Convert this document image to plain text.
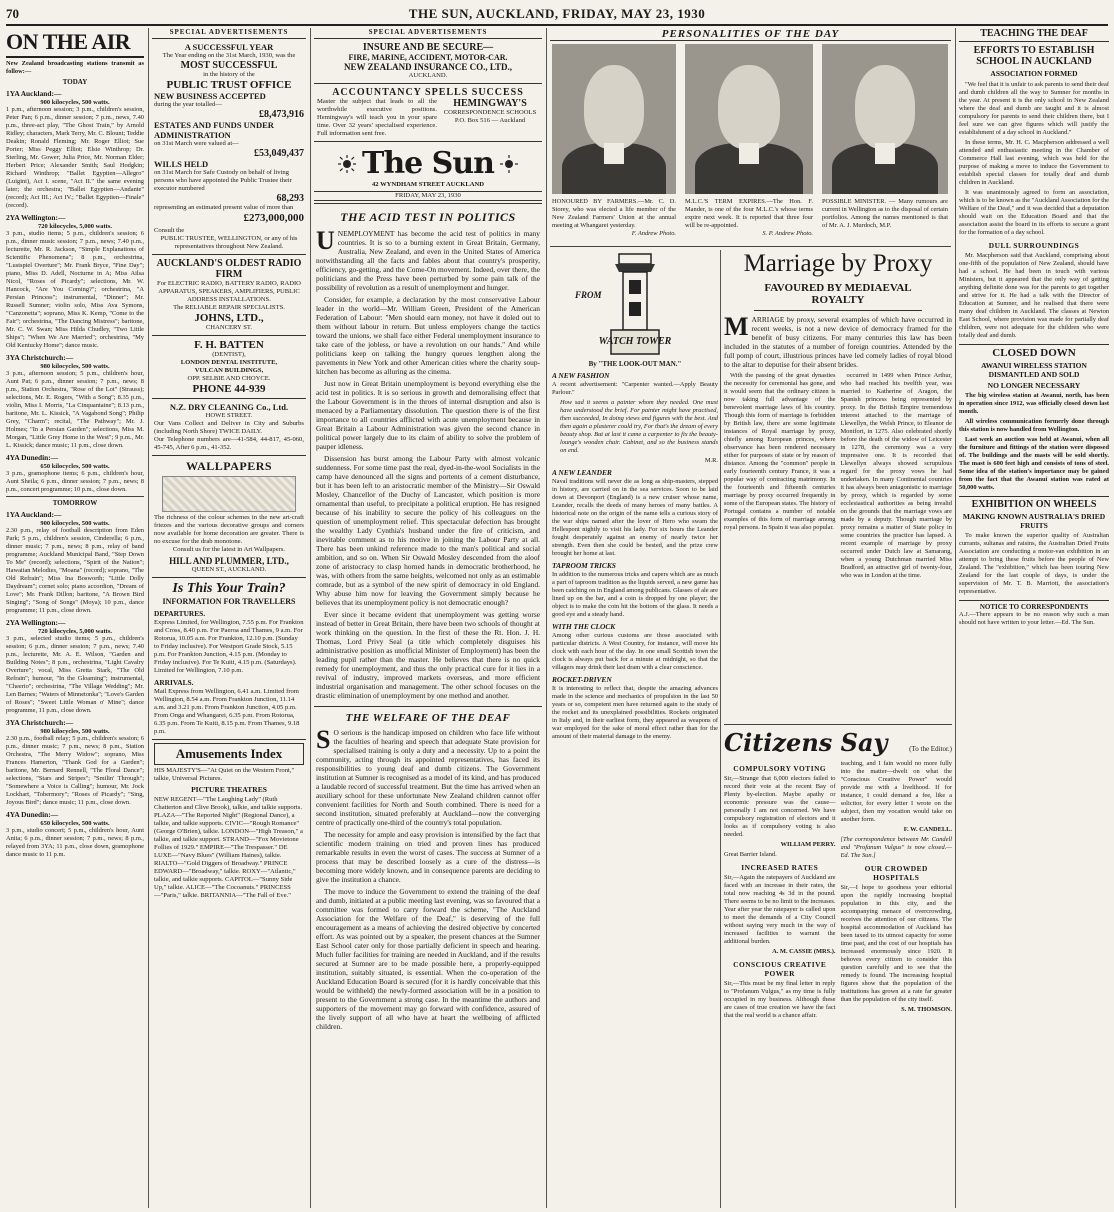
70	THE SUN, AUCKLAND, FRIDAY, MAY 23, 1930
ON THE AIR

New Zealand broadcasting stations transmit as follow:—

TODAY
1YA Auckland:—
900 kilocycles, 500 watts.

1 p.m., afternoon session; 3 p.m., children's session, Peter Pan; 6 p.m., dinner session; 7 p.m., news, 7.40 p.m., three-act play, "The Ghost Train," by Arnold Ridley; characters, Mark Terry, Mr. C. Blount; Teddie Deakin; Ronald Fleming; Mr. Roger Elliot; Sue Porter; Miss Peggy Elliot; Elsie Winthrop; Dr. Sterling, Mr. Gower; Julia Price, Mr. Norman Elder; Herbert Price; Alexander Smith; Saul Hodgkin; Richard Winthrop; "Ballet Egyptien—Allegro" (Luigini), Act I. scene, "Act II." the same evening later; the orchestra; "Ballet Egyptien—Andante" (record); Act III.; Act IV.; "Ballet Egyptien—Finale" (record).

2YA Wellington:—
720 kilocycles, 5,000 watts.

3 p.m., studio items; 5 p.m., children's session; 6 p.m., dinner music session; 7 p.m., news; 7.40 p.m., lecturette, Mr. R. Jackson, "Simple Explanations of Scientific Phenomena"; 8 p.m., orchestrina, "Lustspiel Overture"; Mr. Frank Bryce, "Fine Day"; piano, Miss D. Adell, Nocturne in A; Miss Ailsa Nicol, "Roses of Picardy"; selections, Mr. W. Hancock, "Are You Coming?"; orchestrina, "A Persian Princess"; instrumental, "Dinner"; Mr. Russell Sumner; violin solo, Miss Ava Symons, "Canzonetta"; soprano, Miss K. Kemp, "Come to the Fair"; orchestrina, "The Dancing Mistress"; baritone, Mr. C. W. Swan; Miss Hilda Chudley, "Two Little Ships"; "When We Are Married"; orchestrina, "My Old Kentucky Home"; dance music.

3YA Christchurch:—
980 kilocycles, 500 watts.

3 p.m., afternoon session; 5 p.m., children's hour, Aunt Pat; 6 p.m., dinner session; 7 p.m., news; 8 p.m., Station Orchestra, "Rose of the Lot" (Strauss); selections, Mr. E. Rogers, "With a Song"; 8.35 p.m., violin, Miss I. Morris, "La Cinquantaine"; 8.13 p.m., baritone, Mr. L. Kissick, "A Vagabond Song"; Philip Grey, "Charm"; recital, "The Pathway"; Mr. J. Holmes; "In a Persian Garden"; selections, Miss M. Morgan, "Little Grey Home in the West"; 9 p.m., Mr. L. Kissick; dance music; 11 p.m., close down.

4YA Dunedin:—
650 kilocycles, 500 watts.

3 p.m., gramophone items; 6 p.m., children's hour, Aunt Sheila; 6 p.m., dinner session; 7 p.m., news; 8 p.m., concert programme; 10 p.m., close down.

TOMORROW
1YA Auckland:—
900 kilocycles, 500 watts.

2.30 p.m., relay of football description from Eden Park; 5 p.m., children's session, Cinderella; 6 p.m., dinner music; 7 p.m., news; 8 p.m., relay of band programme; Auckland Municipal Band, "Step Down To Me" (record); selections, "Spirit of the Nation"; Hawaiian Melodies, "Moana" (record); soprano, "The Old Refrain"; Miss Ina Bosworth; "Little Dolly Daydream"; cornet solo; piano accordion, "Dream of Love"; Mr. Frank Dillon; baritone, "A Brown Bird Singing"; "Song of Songs" (Moya); 10 p.m., dance programme; 11 p.m., close down.

2YA Wellington:—
720 kilocycles, 5,000 watts.

3 p.m., selected studio items; 5 p.m., children's session; 6 p.m., dinner session; 7 p.m., news; 7.40 p.m., lecturette, Mr. A. E. Wilson, "Garden and Building Notes"; 8 p.m., orchestrina, "Light Cavalry Overture"; vocal, Miss Gretta Stark, "The Old Refrain"; humour, "In the Gloaming"; instrumental, "Cheerio"; orchestrina, "The Village Wedding"; Mr. Len Barnes; "Waters of Minnetonka"; "Love's Garden of Roses"; "Sweet Little Woman o' Mine"; dance programme, 11 p.m., close down.

3YA Christchurch:—
980 kilocycles, 500 watts.

2.30 p.m., football relay; 5 p.m., children's session; 6 p.m., dinner music; 7 p.m., news; 8 p.m., Station Orchestra, "The Merry Widow"; soprano, Miss Frances Hamerton, "Thank God for a Garden"; baritone, Mr. Bernard Rennell, "The Floral Dance"; selections, "Stars and Stripes"; "Smilin' Through"; "Somewhere a Voice is Calling"; humour, Mr. Jock Lockhart, "Tobermory"; "Roses of Picardy"; "Sing, Joyous Bird"; dance music; 11 p.m., close down.

4YA Dunedin:—
650 kilocycles, 500 watts.

3 p.m., studio concert; 5 p.m., children's hour, Aunt Anita; 6 p.m., dinner session; 7 p.m., news; 8 p.m., relayed from 3YA; 11 p.m., close down, gramophone dance music to 11 p.m.

SPECIAL ADVERTISEMENTS
A SUCCESSFUL YEAR
The Year ending on the 31st March, 1930, was the
MOST SUCCESSFUL
in the history of the
PUBLIC TRUST OFFICE
NEW BUSINESS ACCEPTED
during the year totalled—
£8,473,916
ESTATES AND FUNDS UNDER ADMINISTRATION
on 31st March were valued at—
£53,049,437
WILLS HELD
on 31st March for Safe Custody on behalf of living persons who have appointed the Public Trustee their executor numbered
68,293
representing an estimated present value of more than
£273,000,000
Consult the
PUBLIC TRUSTEE, WELLINGTON, or any of his representatives throughout New Zealand.
AUCKLAND'S OLDEST RADIO FIRM
For ELECTRIC RADIO, BATTERY RADIO, RADIO APPARATUS, SPEAKERS, AMPLIFIERS, PUBLIC ADDRESS INSTALLATIONS.
The RELIABLE REPAIR SPECIALISTS.
JOHNS, LTD.,
CHANCERY ST.
F. H. BATTEN
(DENTIST),
LONDON DENTAL INSTITUTE,
VULCAN BUILDINGS,
OPP. SELBIE AND CHOYCE.
PHONE 44-939
N.Z. DRY CLEANING Co., Ltd.
HOWE STREET.
Our Vans Collect and Deliver in City and Suburbs (including North Shore) TWICE DAILY.
Our Telephone numbers are—41-584, 44-817, 45-060, 45-745, After 6 p.m., 41-352.
WALLPAPERS
The richness of the colour schemes in the new art-craft friezes and the various decorative groups and corners now available for home decoration are greater. There is no excuse for the drab monotone.
Consult us for the latest in Art Wallpapers.
HILL AND PLUMMER, LTD.,
QUEEN ST., AUCKLAND.
Is This Your Train?
INFORMATION FOR TRAVELLERS
DEPARTURES.
Express Limited, for Wellington, 7.55 p.m. For Frankton and Cross, 8.40 p.m. For Paeroa and Thames, 9 a.m. For Rotorua, 10.05 a.m. For Frankton, 12.10 p.m. (Sunday to Friday inclusive). For Westport Grade Stock, 5.15 p.m. For Frankton Junction, 4.15 p.m. (Monday to Friday inclusive). For Te Kuiti, 4.15 p.m. (Saturdays). Limited for Wellington, 7.10 p.m.
ARRIVALS.
Mail Express from Wellington, 6.41 a.m. Limited from Wellington, 8.54 a.m. From Frankton Junction, 11.14 a.m. and 3.21 p.m. From Frankton Junction, 4.05 p.m. From Onga and Whangarei, 6.35 p.m. From Rotorua, 6.35 p.m. From Te Kuiti, 8.15 p.m. From Thames, 9.18 p.m.
Amusements Index
HIS MAJESTY'S—"At Quiet on the Western Front," talkie, Universal Pictures.
PICTURE THEATRES
NEW REGENT—"The Laughing Lady" (Ruth Chatterton and Clive Brook), talkie, and talkie supports. PLAZA—"The Reported Night" (Regional Dance), a talkie, and talkie supports. CIVIC—"Rough Romance" (George O'Brien), talkie. LONDON—"High Treason," a talkie, and talkie support. STRAND—"Fox Movietone Follies of 1929." EMPIRE—"The Trespasser." DE LUXE—"Navy Blues" (William Haines), talkie. RIALTO—"Gold Diggers of Broadway." PRINCE EDWARD—"Broadway," talkie. ROXY—"Atlantic," talkie, and talkie supports. CAPITOL—"Sunny Side Up," talkie. ALICE—"The Cocoanuts." PRINCESS—"Paris," talkie. BRITANNIA—"The Fall of Eve."
SPECIAL ADVERTISEMENTS
INSURE AND BE SECURE—
FIRE, MARINE, ACCIDENT, MOTOR-CAR.
NEW ZEALAND INSURANCE CO., LTD.,
AUCKLAND.
ACCOUNTANCY SPELLS SUCCESS
Master the subject that leads to all the worthwhile executive positions. Hemingway's will teach you in your spare time. Over 32 years' specialised experience. Full information sent free.
HEMINGWAY'S
CORRESPONDENCE SCHOOLS
P.O. Box 516 — Auckland
The Sun
42 WYNDHAM STREET AUCKLAND
FRIDAY, MAY 23, 1930
THE ACID TEST IN POLITICS

UNEMPLOYMENT has become the acid test of politics in many countries. It is so to a burning extent in Great Britain, Germany, Australia, New Zealand, and even in the United States of America notwithstanding all the facts and fables about that country's prosperity, efficiency, go-getting, and the Come-On movement. Indeed, over there, the politicians and the Press have been perturbed by some pain talk of the possibility of revolution as a result of unemployment and hunger.

Consider, for example, a declaration by the most conservative Labour leader in the world—Mr. William Green, President of the American Federation of Labour: "Men should earn money, not have it doled out to them without labour in return. But unless employers change the tactics toward the unions, we shall face either Federal unemployment insurance to take care of the jobless, or have a revolution on our hands." And while politicians keep on talking the hungry queues lengthen along the pavements in New York and other American cities where the charity soup-kitchen has become as alluring as the cinema.

Just now in Great Britain unemployment is beyond everything else the acid test in politics. It is so serious in growth and demoralising effect that the Labour Government is in the throes of internal disruption and also is menaced by a Parliamentary dissolution. The question there is of the first importance to all countries afflicted with acute unemployment because in Great Britain a Labour Administration was given the second chance in political power largely due to its claim of ability to solve the problem of pauper idleness.

Dissension has burst among the Labour Party with almost volcanic suddenness. For some time past the real, dyed-in-the-wool Socialists in the camp have denounced all the signs and portents of a cement disturbance, but it has been left to an aristocratic member of the Ministry—Sir Oswald Mosley, Chancellor of the Duchy of Lancaster, which position is more ornamental than useful, to precipitate a political eruption. He has resigned because of his inability to secure the policy of his colleagues on the question of unemployment relief. This spectacular defection has brought the wealthy Lady Cynthia's husband under the fire of criticism, and inevitable comment as to his motive in joining the Labour Party at all. There has been unkind reference made to the man's political and social ambition, and so on. When Sir Oswald Mosley descended from the aloof zone of aristocracy to clasp horned hands in democratic brotherhood, he was, with others from the same heights, welcomed not only as an estimable comrade, but as a symbol of the new spirit of democracy in old England. Why abuse him now for leaving the Government simply because he believes that its unemployment policy is not democratic enough?

Ever since it became evident that unemployment was getting worse instead of better in Great Britain, there have been two schools of thought at work thinking on the question. In the first of these the Rt. Hon. J. H. Thomas, Lord Privy Seal (a title which completely disguises his administrative position as unofficial Minister of Employment) has been the leading pupil rather than the master. He believes that there is no quick remedy for unemployment, and thus the only practical cure for it lies in a revival of industry, improved markets overseas, and more efficient industrial organisation and management. The other school focuses on the drastic elimination of unemployment by one method and another.

THE WELFARE OF THE DEAF

S O serious is the handicap imposed on children who face life without the faculties of hearing and speech that adequate State provision for specialised training is only a duty and a necessity. Up to a point the community, acting through its appointed representatives, has faced its responsibilities to young deaf and dumb citizens. The Government institution at Sumner is recognised as a model of its kind, and has produced a laudable record of successful treatment. But the time has arrived when an auxiliary school for these unfortunate New Zealand children cannot offer convenient facilities for North and South combined. There is need for a second institution, situated preferably at Auckland—now the converging centre of practically one-third of the country's total population.

The necessity for ample and easy provision is intensified by the fact that scientific modern training on tried and proven lines has produced remarkable results in even the worst of cases. The success at Sumner of a process that may be described loosely as a cure of the distress—is becoming more widely known, and in consequence parents are deciding to give the institution a chance.

The move to induce the Government to extend the training of the deaf and dumb, initiated at a public meeting last evening, was so favoured that a committee was formed to carry forward the scheme, "The Auckland Association for the Welfare of the Deaf," is deserving of the full encouragement as a means of achieving the desired objective by concerted effort. As was pointed out by a speaker, the present chances at the Sumner East School cater only for those partially deficient in speech and hearing. Much fuller facilities for training are needed in Auckland, and if the results secured at Sumner are to be made possible here, a properly-equipped institution, suitably situated, is essential. When the co-operation of the Auckland Education Board is secured (for it is hardly conceivable that this would be withheld) the newly-formed association will be in a position to present to the Government a strong case. In the meantime the authors and supporters of the movement may go forward with confidence, assured of the lively support of all who have at heart the wellbeing of afflicted children.

PERSONALITIES OF THE DAY
HONOURED BY FARMERS.—Mr. C. D. Storey, who was elected a life member of the New Zealand Farmers' Union at the annual meeting at Whangarei yesterday.
F. Andrew Photo.
M.L.C.'S TERM EXPIRES.—The Hon. F. Mander, is one of the four M.L.C.'s whose terms expire next week. It is reported that three four will be re-appointed.
S. P. Andrew Photo.
POSSIBLE MINISTER. — Many rumours are current in Wellington as to the disposal of certain portfolios. Among the names mentioned is that of Mr. A. J. Murdoch, M.P.
FROM
WATCH TOWER
By "THE LOOK-OUT MAN."
A NEW FASHION

A recent advertisement: "Carpenter wanted.—Apply Beauty Parlour."

How sad it seems a painter whom they needed. One must have understood the brief. For painter might have practised, then succeeded, In doing views and figures with the best. And then again a plasterer could try, For that's the dream of every beauty shop. But at last it came a carpenter to fix the beauty-lounge's wooden chair. Cabinet, and so the business stands on end.

M.R.
A NEW LEANDER

Naval traditions will never die as long as ship-masters, stepped in history, are carried on in the sea services. Soon to be laid down at Devonport (England) is a new cruiser whose name, Leander, recalls the deeds of many heroes of many battles. A historical note on the origin of the name tells a curious story of the war ships named after the lover of Hero who swam the Hellespont nightly to visit his lady. For six hours the Leander fought desperately against an enemy of nearly twice her strength. Even then she could be bested, and the prize crew brought her home at last.

TAPROOM TRICKS

In addition to the numerous tricks and capers which are as much a part of taproom tradition as the liquids served, a new game has been catching on in England among publicans. Glasses of ale are lined up on the bar, and a coin is dropped by one player; the object is to make the coin hit the bottom of the glass. It needs a good eye and a steady hand.

WITH THE CLOCK

Among other curious customs are those associated with particular districts. A West Country, for instance, will move his clock with each hour of the day. In one small Scottish town the clock is always put back for a minute at midnight, so that the villagers may drink their last dram with a clear conscience.

ROCKET-DRIVEN

It is interesting to reflect that, despite the amazing advances made in the science and mechanics of propulsion in the last 50 years or so, competent men have returned again to the study of the rocket and its unexplained possibilities. Rockets originated in Italy and, in their earliest form, they appeared as weapons of war employed for the sake of moral effect rather than for the amount of their material damage to the enemy.

Marriage by Proxy
FAVOURED BY MEDIAEVAL
ROYALTY

MARRIAGE by proxy, several examples of which have occurred in recent weeks, is not a new device of democracy framed for the benefit of busy citizens. For many centuries this law has been included in the statutes of a number of foreign countries. Attended by the full pomp of court, illustrious princes have led comely ladies of royal blood to the altar to deputise for their absent brides.

With the passing of the great dynasties the necessity for ceremonial has gone, and it would seem that the ordinary citizen is now taking full advantage of the benevolent marriage laws of his country. Though this form of marriage is forbidden by British law, there are some legitimate instances of Royal marriage by proxy, chiefly among European princes, where observance has been rendered necessary either for purposes of state or by reason of distance. Among the "common" people in early fourteenth century France, it was a popular way of contracting matrimony. In the fourteenth and fifteenth centuries marriage by proxy occurred frequently in some of the European states. The history of Portugal contains a number of notable examples of this form of marriage among royal persons. In Spain it was also popular.

occurred in 1499 when Prince Arthur, who had reached his twelfth year, was married to Katherine of Aragon, the Spanish princess being represented by proxy. In the British Empire tremendous interest attached to the marriage of Llewellyn, the Welsh Prince, to Eleanor de Montfort, in 1275. Also celebrated shortly before the death of the widow of Leicester in 1278, the ceremony was a very impressive one. It is recorded that Llewellyn always showed scrupulous regard for the proxy vows he had undertaken. In many Continental countries it has always been antagonistic to marriage by proxy, which is regarded by some ecclesiastical authorities as being invalid on the grounds that the marriage vows are made by a deputy. Though marriage by proxy remains a matter of State policy in some countries the practice has lapsed. A recent example of marriage by proxy occurred under Dutch law at Samarang, when a young Dutchman married Miss Bradford, an attractive girl of twenty-four, who was in London at the time.

Citizens Say	(To the Editor.)
COMPULSORY VOTING

Sir,—Strange that 6,000 electors failed to record their vote at the recent Bay of Plenty by-election. Maybe apathy or economic pressure was the cause—personally I am not concerned. We have compulsory registration of electors and it looks as if compulsory voting is also needed.

WILLIAM PERRY.
Great Barrier Island.
INCREASED RATES

Sir,—Again the ratepayers of Auckland are faced with an increase in their rates, the total now reaching 4s 3d in the pound. There seems to be no limit to the increases. Year after year the ratepayer is called upon to meet the demands of a City Council without saying very much in the way of increased facilities to warrant the additional burden.

A. M. CASSIE (MRS.).
CONSCIOUS CREATIVE POWER

Sir,—This must be my final letter in reply to "Profanum Vulgus," as my time is fully occupied in my business. Although these are cases of true creation we have the fact that the real world is a chance affair.

teaching, and I fain would no more fully into the matter—dwelt on what the "Conscious Creative Power" would provide me with a livelihood. If for instance, I could demand a fee, like a solicitor, for every letter I wrote on the subject, then my vocation would take on another form.

F. W. CANDELL.

[The correspondence between Mr. Candell and "Profanum Vulgus" is now closed.—Ed. The Sun.]

OUR CROWDED HOSPITALS

Sir,—I hope to goodness your editorial upon the rapidly increasing hospital population in this city, and the accompanying menace of overcrowding, receives the attention of our citizens. The hospital accommodation of Auckland has been taxed to its utmost capacity for some time past, and the cost of our hospitals has increased enormously since 1920. It behoves every citizen to consider this question carefully and to see that the remedy is found. The increasing hospital figures show that the population of the institutions has grown at a rate far greater than the population of the city itself.

S. M. THOMSON.
TEACHING THE DEAF
EFFORTS TO ESTABLISH SCHOOL IN AUCKLAND
ASSOCIATION FORMED

"We feel that it is unfair to ask parents to send their deaf and dumb children all the way to Sumner for months in the year. At present it is the only school in New Zealand where the deaf and dumb are taught and it is almost compulsory for parents to send their children there, but I feel sure we can give figures which will justify the establishment of a day school in Auckland."

In these terms, Mr. H. C. Macpherson addressed a well attended and enthusiastic meeting in the Chamber of Commerce Hall last evening, which was held for the purpose of making a move to induce the Government to establish special classes for totally deaf and dumb children in Auckland.

It was unanimously agreed to form an association, which is to be known as the "Auckland Association for the Welfare of the Deaf," and it was decided that a deputation should wait on the Education Board and that the association assist the board in its efforts to secure a grant for the formation of a day school.

DULL SURROUNDINGS

Mr. Macpherson said that Auckland, comprising about one-fifth of the population of New Zealand, should have had a school. He had been in touch with various Ministers, but it appeared that the only way of getting anything definite done was for the parents to get together and strive for it. He had a talk with the Director of Education at Sumner, and he realised that there were many deaf children in Auckland. The classes at Newton East School, where provision was made for partially deaf children, were not adequate for the children who were totally deaf and dumb.

CLOSED DOWN
AWANUI WIRELESS STATION DISMANTLED AND SOLD
NO LONGER NECESSARY

The big wireless station at Awanui, north, has been in operation since 1912, was officially closed down last month.

All wireless communication formerly done through this station is now handled from Wellington.

Last week an auction was held at Awanui, when all the furniture and fittings of the station were disposed of. The buildings and the masts will be sold shortly. The mast is 600 feet high and consists of tons of steel. Some idea of the station's importance may be gained from the fact that the Awanui station was rated at 50,000 watts.

EXHIBITION ON WHEELS
MAKING KNOWN AUSTRALIA'S DRIED FRUITS

To make known the superior quality of Australian currants, sultanas and raisins, the Australian Dried Fruits Association are conducting a motor-van exhibition in an attempt to bring these fruits before the people of New Zealand. The "exhibition," which has been touring New Zealand for the last couple of days, is under the supervision of Mr. T. B. Marriott, the association's representative.

NOTICE TO CORRESPONDENTS

A.J.—There appears to be no reason why such a man should not have written to your letter.—Ed. The Sun.
